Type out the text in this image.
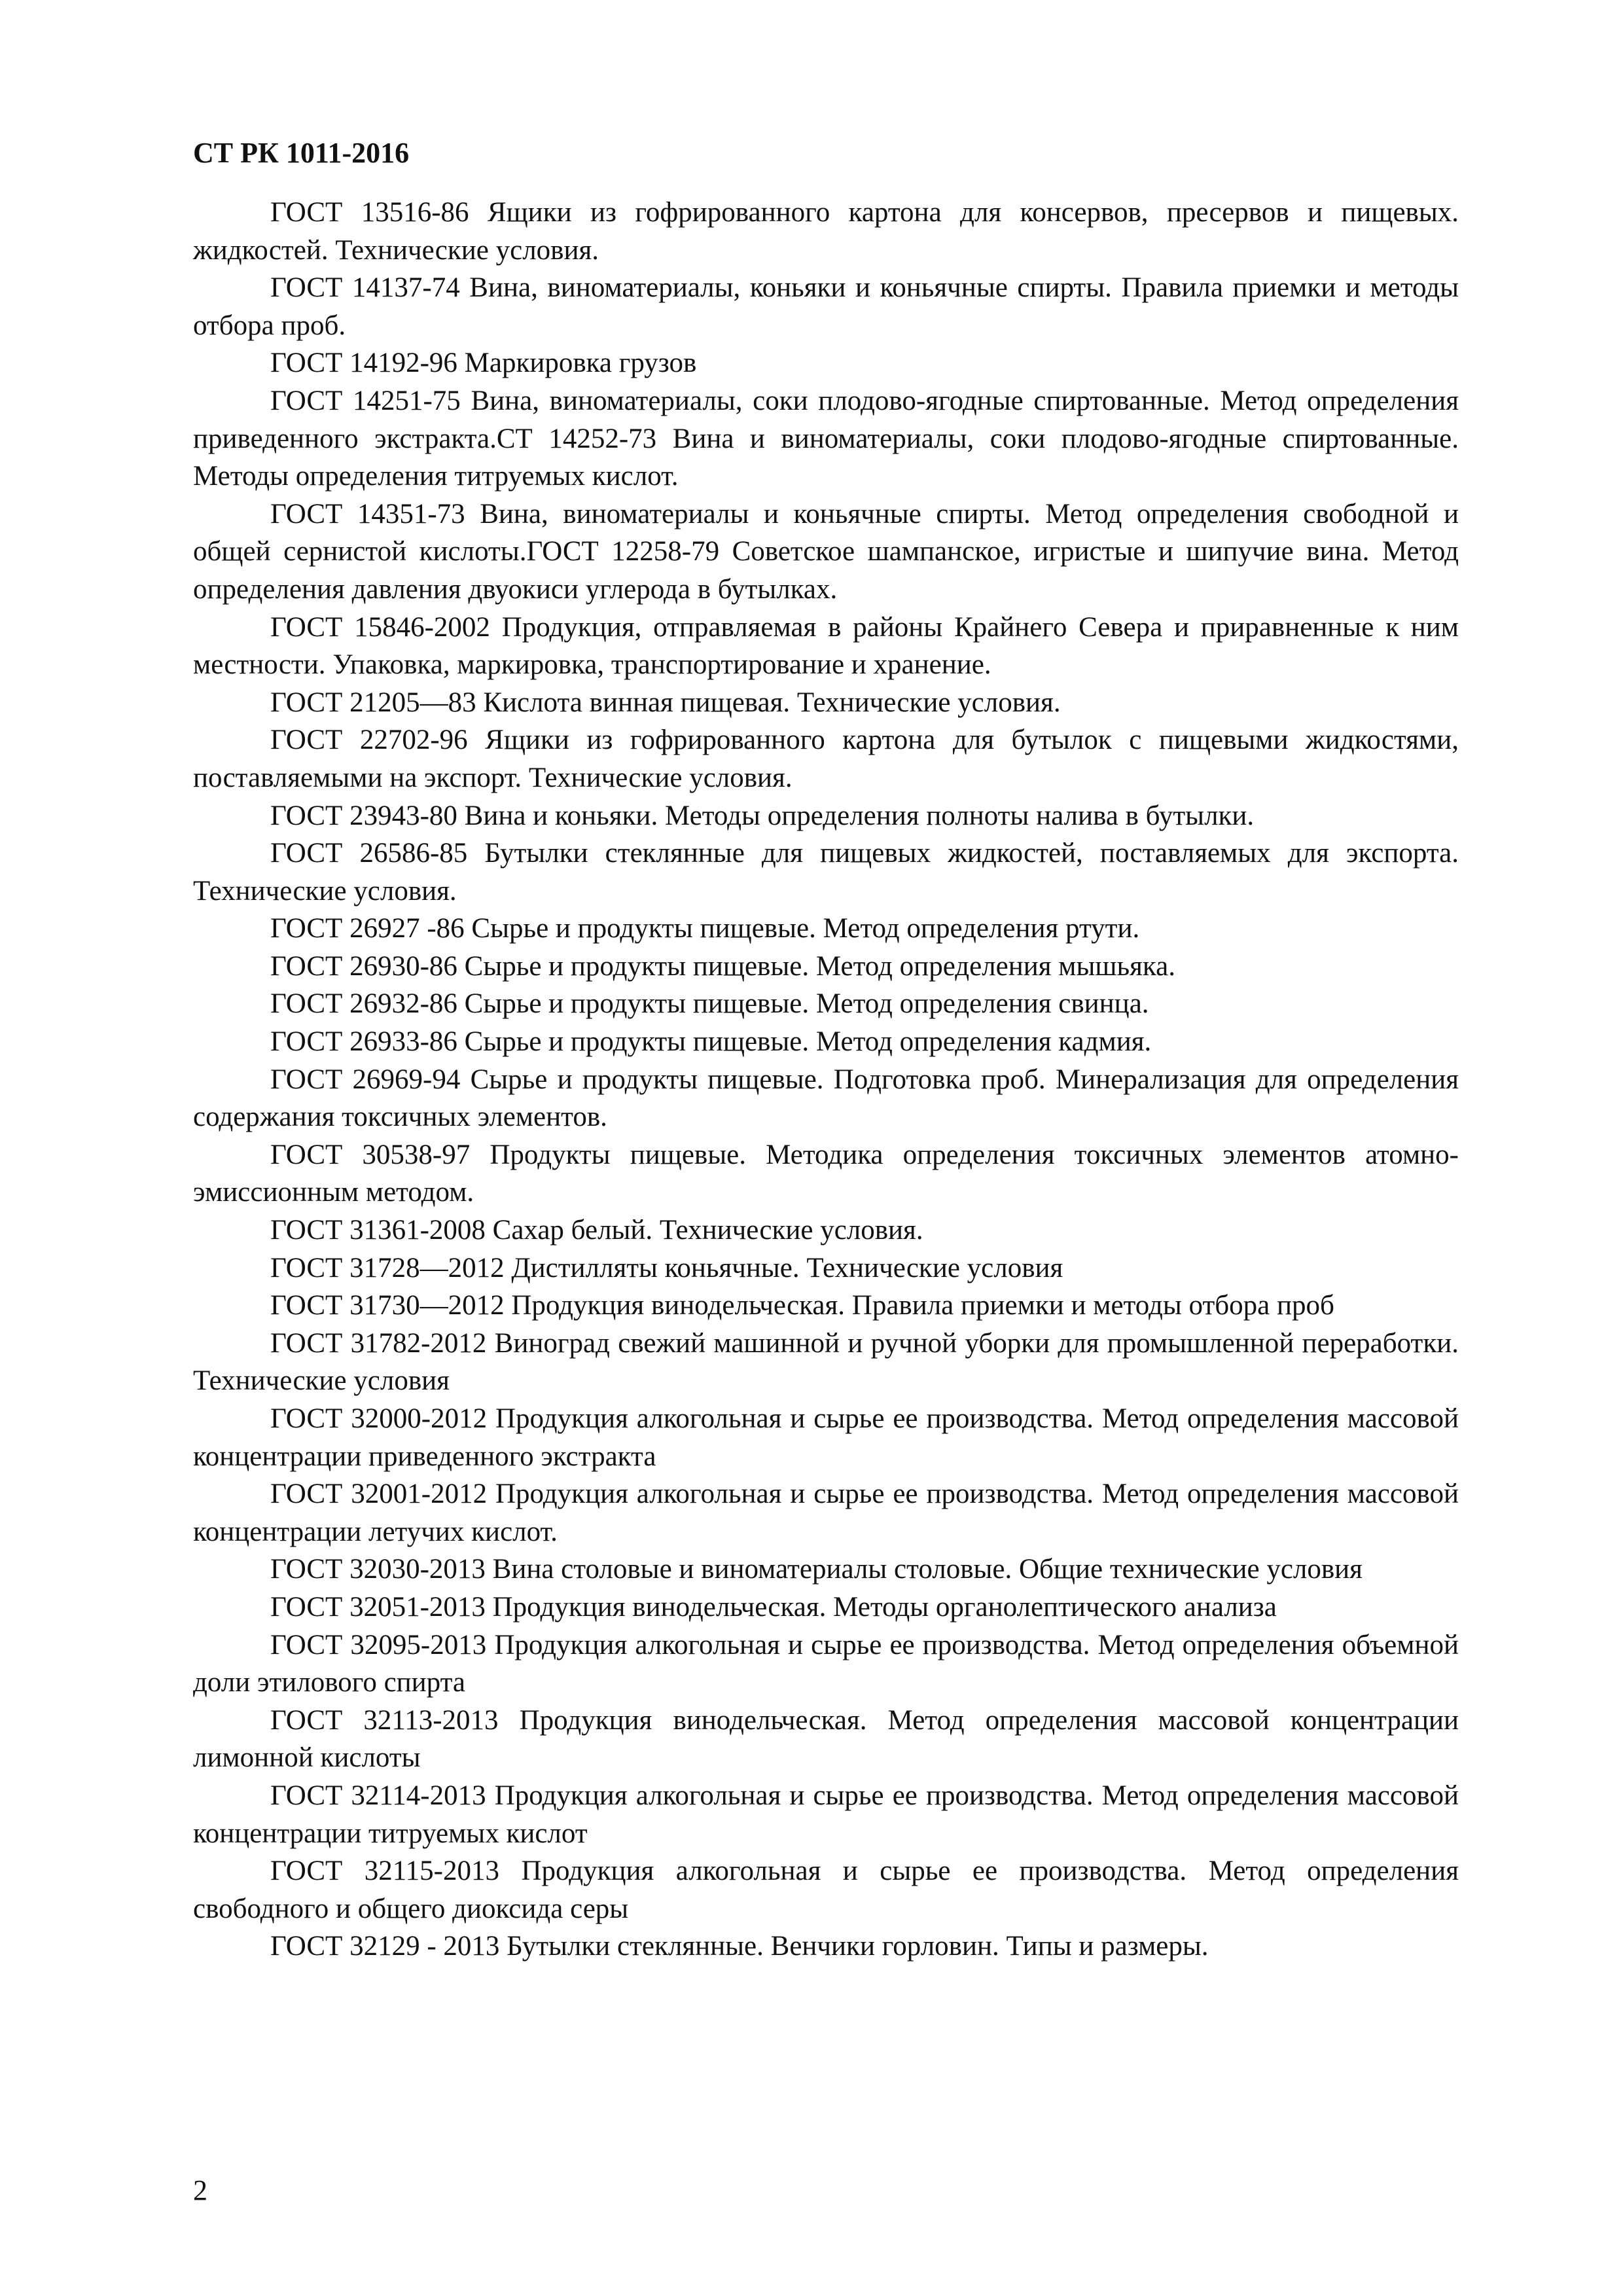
СТ РК 1011-2016

ГОСТ 13516-86 Ящики из гофрированного картона для консервов, пресервов и пищевых. жидкостей. Технические условия.

ГОСТ 14137-74 Вина, виноматериалы, коньяки и коньячные спирты. Правила приемки и методы отбора проб.

ГОСТ 14192-96 Маркировка грузов

ГОСТ 14251-75 Вина, виноматериалы, соки плодово-ягодные спиртованные. Метод определения приведенного экстракта.СТ 14252-73 Вина и виноматериалы, соки плодово-ягодные спиртованные. Методы определения титруемых кислот.

ГОСТ 14351-73 Вина, виноматериалы и коньячные спирты. Метод определения свободной и общей сернистой кислоты.ГОСТ 12258-79 Советское шампанское, игристые и шипучие вина. Метод определения давления двуокиси углерода в бутылках.

ГОСТ 15846-2002 Продукция, отправляемая в районы Крайнего Севера и приравненные к ним местности. Упаковка, маркировка, транспортирование и хранение.

ГОСТ 21205—83 Кислота винная пищевая. Технические условия.

ГОСТ 22702-96 Ящики из гофрированного картона для бутылок с пищевыми жидкостями, поставляемыми на экспорт. Технические условия.

ГОСТ 23943-80 Вина и коньяки. Методы определения полноты налива в бутылки.

ГОСТ 26586-85 Бутылки стеклянные для пищевых жидкостей, поставляемых для экспорта. Технические условия.

ГОСТ 26927 -86 Сырье и продукты пищевые. Метод определения ртути.

ГОСТ 26930-86 Сырье и продукты пищевые. Метод определения мышьяка.

ГОСТ 26932-86 Сырье и продукты пищевые. Метод определения свинца.

ГОСТ 26933-86 Сырье и продукты пищевые. Метод определения кадмия.

ГОСТ 26969-94 Сырье и продукты пищевые. Подготовка проб. Минерализация для определения содержания токсичных элементов.

ГОСТ 30538-97 Продукты пищевые. Методика определения токсичных элементов атомно-эмиссионным методом.

ГОСТ 31361-2008 Сахар белый. Технические условия.

ГОСТ 31728—2012 Дистилляты коньячные. Технические условия

ГОСТ 31730—2012 Продукция винодельческая. Правила приемки и методы отбора проб

ГОСТ 31782-2012 Виноград свежий машинной и ручной уборки для промышленной переработки. Технические условия

ГОСТ 32000-2012 Продукция алкогольная и сырье ее производства. Метод определения массовой концентрации приведенного экстракта

ГОСТ 32001-2012 Продукция алкогольная и сырье ее производства. Метод определения массовой концентрации летучих кислот.

ГОСТ 32030-2013 Вина столовые и виноматериалы столовые. Общие технические условия

ГОСТ 32051-2013 Продукция винодельческая. Методы органолептического анализа

ГОСТ 32095-2013 Продукция алкогольная и сырье ее производства. Метод определения объемной доли этилового спирта

ГОСТ 32113-2013 Продукция винодельческая. Метод определения массовой концентрации лимонной кислоты

ГОСТ 32114-2013 Продукция алкогольная и сырье ее производства. Метод определения массовой концентрации титруемых кислот

ГОСТ 32115-2013 Продукция алкогольная и сырье ее производства. Метод определения свободного и общего диоксида серы

ГОСТ 32129 - 2013 Бутылки стеклянные. Венчики горловин. Типы и размеры.

2
